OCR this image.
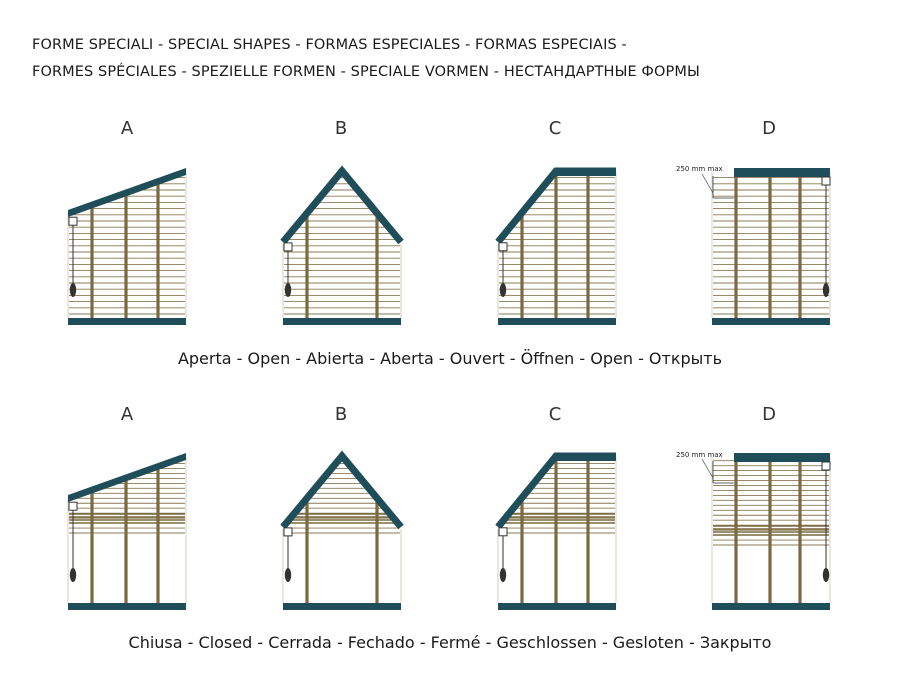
FORME SPECIALI - SPECIAL SHAPES - FORMAS ESPECIALES - FORMAS ESPECIAIS -
FORMES SPÉCIALES - SPEZIELLE FORMEN - SPECIALE VORMEN - НЕСТАНДАРТНЫЕ ФОРМЫ
A	B	C	D
A	B	C	D
250 mm max
250 mm max
Aperta - Open - Abierta - Aberta - Ouvert - Öffnen - Open - Открыть
Chiusa - Closed - Cerrada - Fechado - Fermé - Geschlossen - Gesloten - Закрыто
